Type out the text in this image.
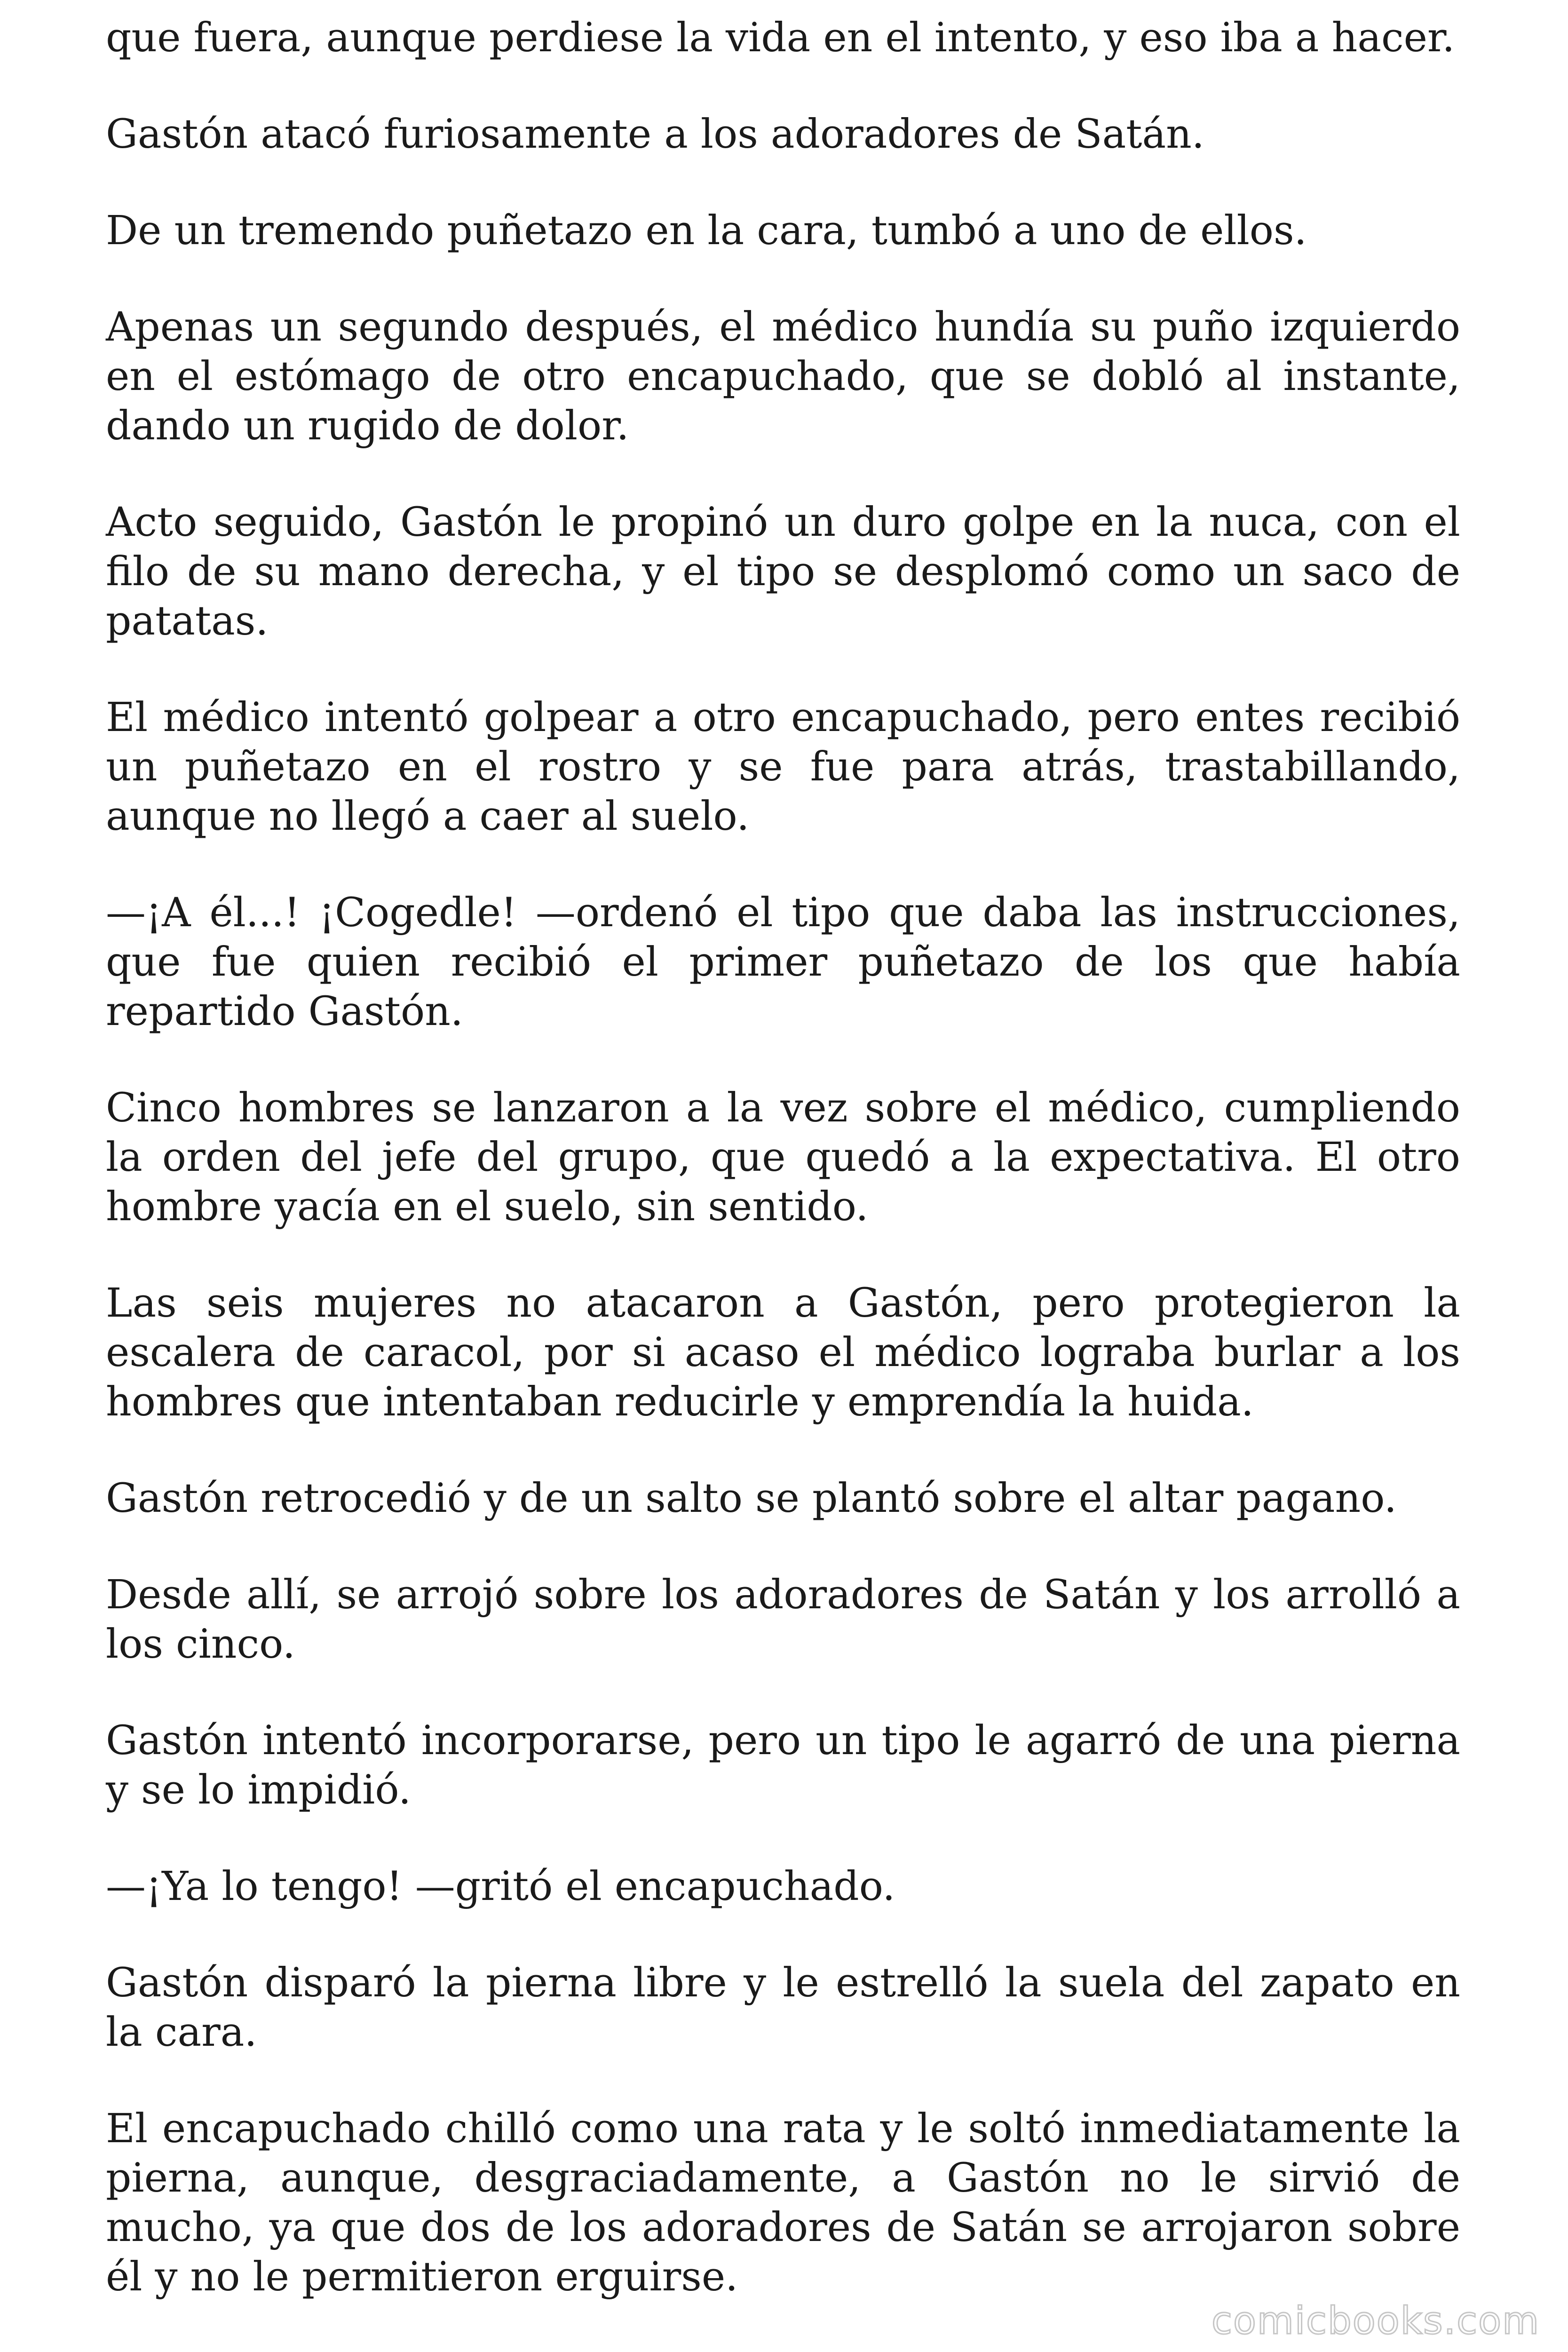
que fuera, aunque perdiese la vida en el intento, y eso iba a hacer.

Gastón atacó furiosamente a los adoradores de Satán.

De un tremendo puñetazo en la cara, tumbó a uno de ellos.

Apenas un segundo después, el médico hundía su puño izquierdo en el estómago de otro encapuchado, que se dobló al instante, dando un rugido de dolor.

Acto seguido, Gastón le propinó un duro golpe en la nuca, con el filo de su mano derecha, y el tipo se desplomó como un saco de patatas.

El médico intentó golpear a otro encapuchado, pero entes recibió un puñetazo en el rostro y se fue para atrás, trastabillando, aunque no llegó a caer al suelo.

—¡A él...! ¡Cogedle! —ordenó el tipo que daba las instrucciones, que fue quien recibió el primer puñetazo de los que había repartido Gastón.

Cinco hombres se lanzaron a la vez sobre el médico, cumpliendo la orden del jefe del grupo, que quedó a la expectativa. El otro hombre yacía en el suelo, sin sentido.

Las seis mujeres no atacaron a Gastón, pero protegieron la escalera de caracol, por si acaso el médico lograba burlar a los hombres que intentaban reducirle y emprendía la huida.

Gastón retrocedió y de un salto se plantó sobre el altar pagano.

Desde allí, se arrojó sobre los adoradores de Satán y los arrolló a los cinco.

Gastón intentó incorporarse, pero un tipo le agarró de una pierna y se lo impidió.

—¡Ya lo tengo! —gritó el encapuchado.

Gastón disparó la pierna libre y le estrelló la suela del zapato en la cara.

El encapuchado chilló como una rata y le soltó inmediatamente la pierna, aunque, desgraciadamente, a Gastón no le sirvió de mucho, ya que dos de los adoradores de Satán se arrojaron sobre él y no le permitieron erguirse.

comicbooks.com
